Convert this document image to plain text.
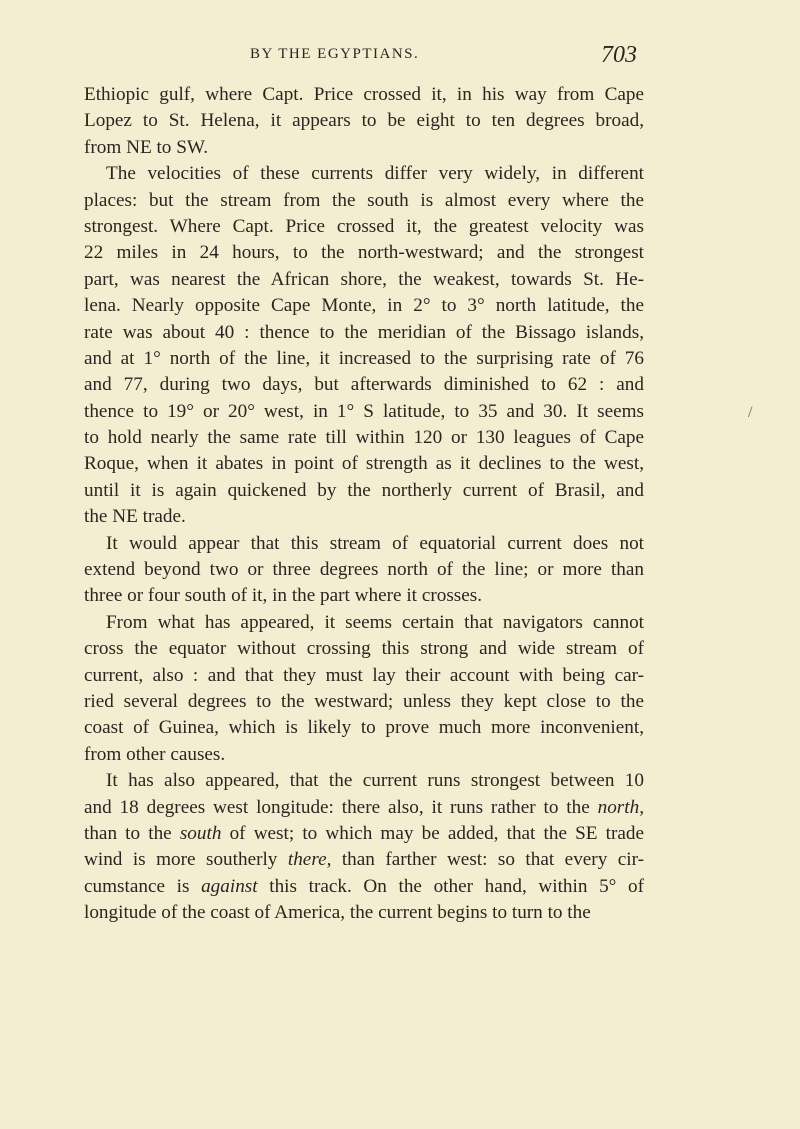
BY THE EGYPTIANS.	703
Ethiopic gulf, where Capt. Price crossed it, in his way from Cape
Lopez to St. Helena, it appears to be eight to ten degrees broad,
from NE to SW.
The velocities of these currents differ very widely, in different
places: but the stream from the south is almost every where the
strongest. Where Capt. Price crossed it, the greatest velocity was
22 miles in 24 hours, to the north-westward; and the strongest
part, was nearest the African shore, the weakest, towards St. He-
lena. Nearly opposite Cape Monte, in 2° to 3° north latitude, the
rate was about 40 : thence to the meridian of the Bissago islands,
and at 1° north of the line, it increased to the surprising rate of 76
and 77, during two days, but afterwards diminished to 62 : and
thence to 19° or 20° west, in 1° S latitude, to 35 and 30. It seems
to hold nearly the same rate till within 120 or 130 leagues of Cape
Roque, when it abates in point of strength as it declines to the west,
until it is again quickened by the northerly current of Brasil, and
the NE trade.
It would appear that this stream of equatorial current does not
extend beyond two or three degrees north of the line; or more than
three or four south of it, in the part where it crosses.
From what has appeared, it seems certain that navigators cannot
cross the equator without crossing this strong and wide stream of
current, also : and that they must lay their account with being car-
ried several degrees to the westward; unless they kept close to the
coast of Guinea, which is likely to prove much more inconvenient,
from other causes.
It has also appeared, that the current runs strongest between 10
and 18 degrees west longitude: there also, it runs rather to the north,
than to the south of west; to which may be added, that the SE trade
wind is more southerly there, than farther west: so that every cir-
cumstance is against this track. On the other hand, within 5° of
longitude of the coast of America, the current begins to turn to the
/
